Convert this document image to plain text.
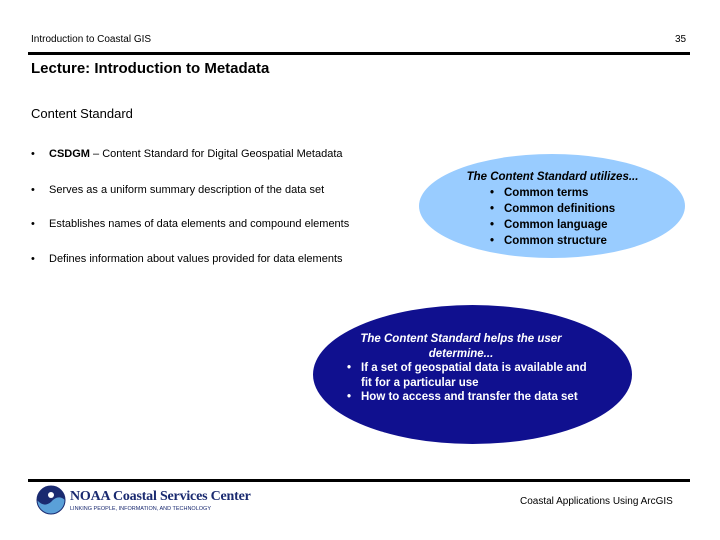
Introduction to Coastal GIS	35
Lecture: Introduction to Metadata
Content Standard
•	CSDGM – Content Standard for Digital Geospatial Metadata
•	Serves as a uniform summary description of the data set
•	Establishes names of data elements and compound elements
•	Defines information about values provided for data elements
The Content Standard utilizes...
• Common terms
• Common definitions
• Common language
• Common structure
The Content Standard helps the user determine...
• If a set of geospatial data is available and fit for a particular use
• How to access and transfer the data set
NOAA Coastal Services Center
LINKING PEOPLE, INFORMATION, AND TECHNOLOGY
Coastal Applications Using ArcGIS
